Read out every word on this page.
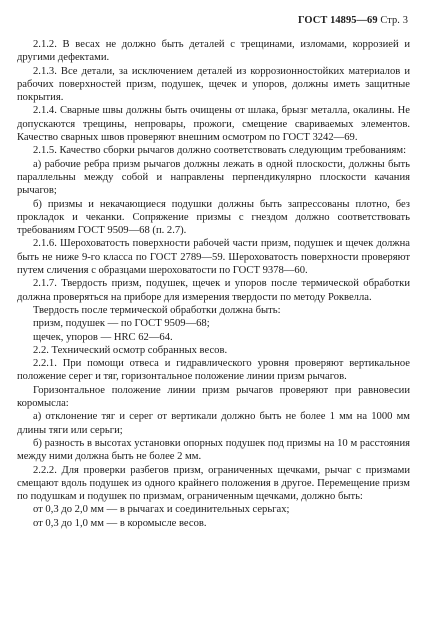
ГОСТ 14895—69 Стр. 3

2.1.2. В весах не должно быть деталей с трещинами, изломами, коррозией и другими дефектами.

2.1.3. Все детали, за исключением деталей из коррозионностойких материалов и рабочих поверхностей призм, подушек, щечек и упоров, должны иметь защитные покрытия.

2.1.4. Сварные швы должны быть очищены от шлака, брызг металла, окалины. Не допускаются трещины, непровары, прожоги, смещение свариваемых элементов. Качество сварных швов проверяют внешним осмотром по ГОСТ 3242—69.

2.1.5. Качество сборки рычагов должно соответствовать следующим требованиям:

а) рабочие ребра призм рычагов должны лежать в одной плоскости, должны быть параллельны между собой и направлены перпендикулярно плоскости качания рычагов;

б) призмы и некачающиеся подушки должны быть запрессованы плотно, без прокладок и чеканки. Сопряжение призмы с гнездом должно соответствовать требованиям ГОСТ 9509—68 (п. 2.7).

2.1.6. Шероховатость поверхности рабочей части призм, подушек и щечек должна быть не ниже 9-го класса по ГОСТ 2789—59. Шероховатость поверхности проверяют путем сличения с образцами шероховатости по ГОСТ 9378—60.

2.1.7. Твердость призм, подушек, щечек и упоров после термической обработки должна проверяться на приборе для измерения твердости по методу Роквелла.

Твердость после термической обработки должна быть:

призм, подушек — по ГОСТ 9509—68;

щечек, упоров — HRC 62—64.

2.2. Технический осмотр собранных весов.

2.2.1. При помощи отвеса и гидравлического уровня проверяют вертикальное положение серег и тяг, горизонтальное положение линии призм рычагов.

Горизонтальное положение линии призм рычагов проверяют при равновесии коромысла:

а) отклонение тяг и серег от вертикали должно быть не более 1 мм на 1000 мм длины тяги или серьги;

б) разность в высотах установки опорных подушек под призмы на 10 м расстояния между ними должна быть не более 2 мм.

2.2.2. Для проверки разбегов призм, ограниченных щечками, рычаг с призмами смещают вдоль подушек из одного крайнего положения в другое. Перемещение призм по подушкам и подушек по призмам, ограниченным щечками, должно быть:

от 0,3 до 2,0 мм — в рычагах и соединительных серьгах;

от 0,3 до 1,0 мм — в коромысле весов.
